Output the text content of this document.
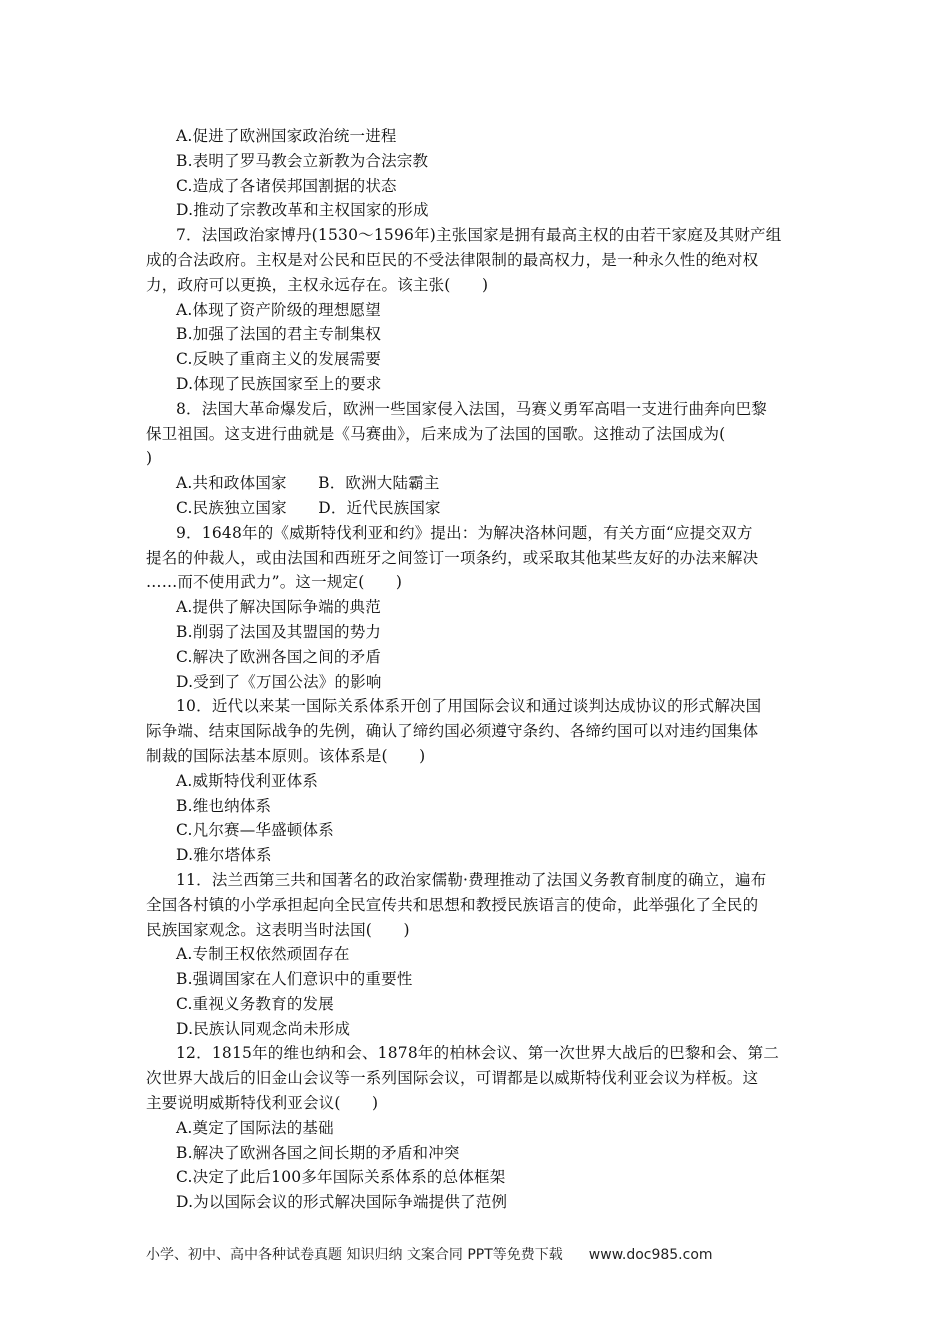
A.促进了欧洲国家政治统一进程
B.表明了罗马教会立新教为合法宗教
C.造成了各诸侯邦国割据的状态
D.推动了宗教改革和主权国家的形成
7．法国政治家博丹(1530～1596年)主张国家是拥有最高主权的由若干家庭及其财产组
成的合法政府。主权是对公民和臣民的不受法律限制的最高权力，是一种永久性的绝对权
力，政府可以更换，主权永远存在。该主张(　　)
A.体现了资产阶级的理想愿望
B.加强了法国的君主专制集权
C.反映了重商主义的发展需要
D.体现了民族国家至上的要求
8．法国大革命爆发后，欧洲一些国家侵入法国，马赛义勇军高唱一支进行曲奔向巴黎
保卫祖国。这支进行曲就是《马赛曲》，后来成为了法国的国歌。这推动了法国成为(
)
A.共和政体国家　　B．欧洲大陆霸主
C.民族独立国家　　D．近代民族国家
9．1648年的《威斯特伐利亚和约》提出：为解决洛林问题，有关方面“应提交双方
提名的仲裁人，或由法国和西班牙之间签订一项条约，或采取其他某些友好的办法来解决
……而不使用武力”。这一规定(　　)
A.提供了解决国际争端的典范
B.削弱了法国及其盟国的势力
C.解决了欧洲各国之间的矛盾
D.受到了《万国公法》的影响
10．近代以来某一国际关系体系开创了用国际会议和通过谈判达成协议的形式解决国
际争端、结束国际战争的先例，确认了缔约国必须遵守条约、各缔约国可以对违约国集体
制裁的国际法基本原则。该体系是(　　)
A.威斯特伐利亚体系
B.维也纳体系
C.凡尔赛—华盛顿体系
D.雅尔塔体系
11．法兰西第三共和国著名的政治家儒勒·费理推动了法国义务教育制度的确立，遍布
全国各村镇的小学承担起向全民宣传共和思想和教授民族语言的使命，此举强化了全民的
民族国家观念。这表明当时法国(　　)
A.专制王权依然顽固存在
B.强调国家在人们意识中的重要性
C.重视义务教育的发展
D.民族认同观念尚未形成
12．1815年的维也纳和会、1878年的柏林会议、第一次世界大战后的巴黎和会、第二
次世界大战后的旧金山会议等一系列国际会议，可谓都是以威斯特伐利亚会议为样板。这
主要说明威斯特伐利亚会议(　　)
A.奠定了国际法的基础
B.解决了欧洲各国之间长期的矛盾和冲突
C.决定了此后100多年国际关系体系的总体框架
D.为以国际会议的形式解决国际争端提供了范例
小学、初中、高中各种试卷真题 知识归纳 文案合同 PPT等免费下载 www.doc985.com
